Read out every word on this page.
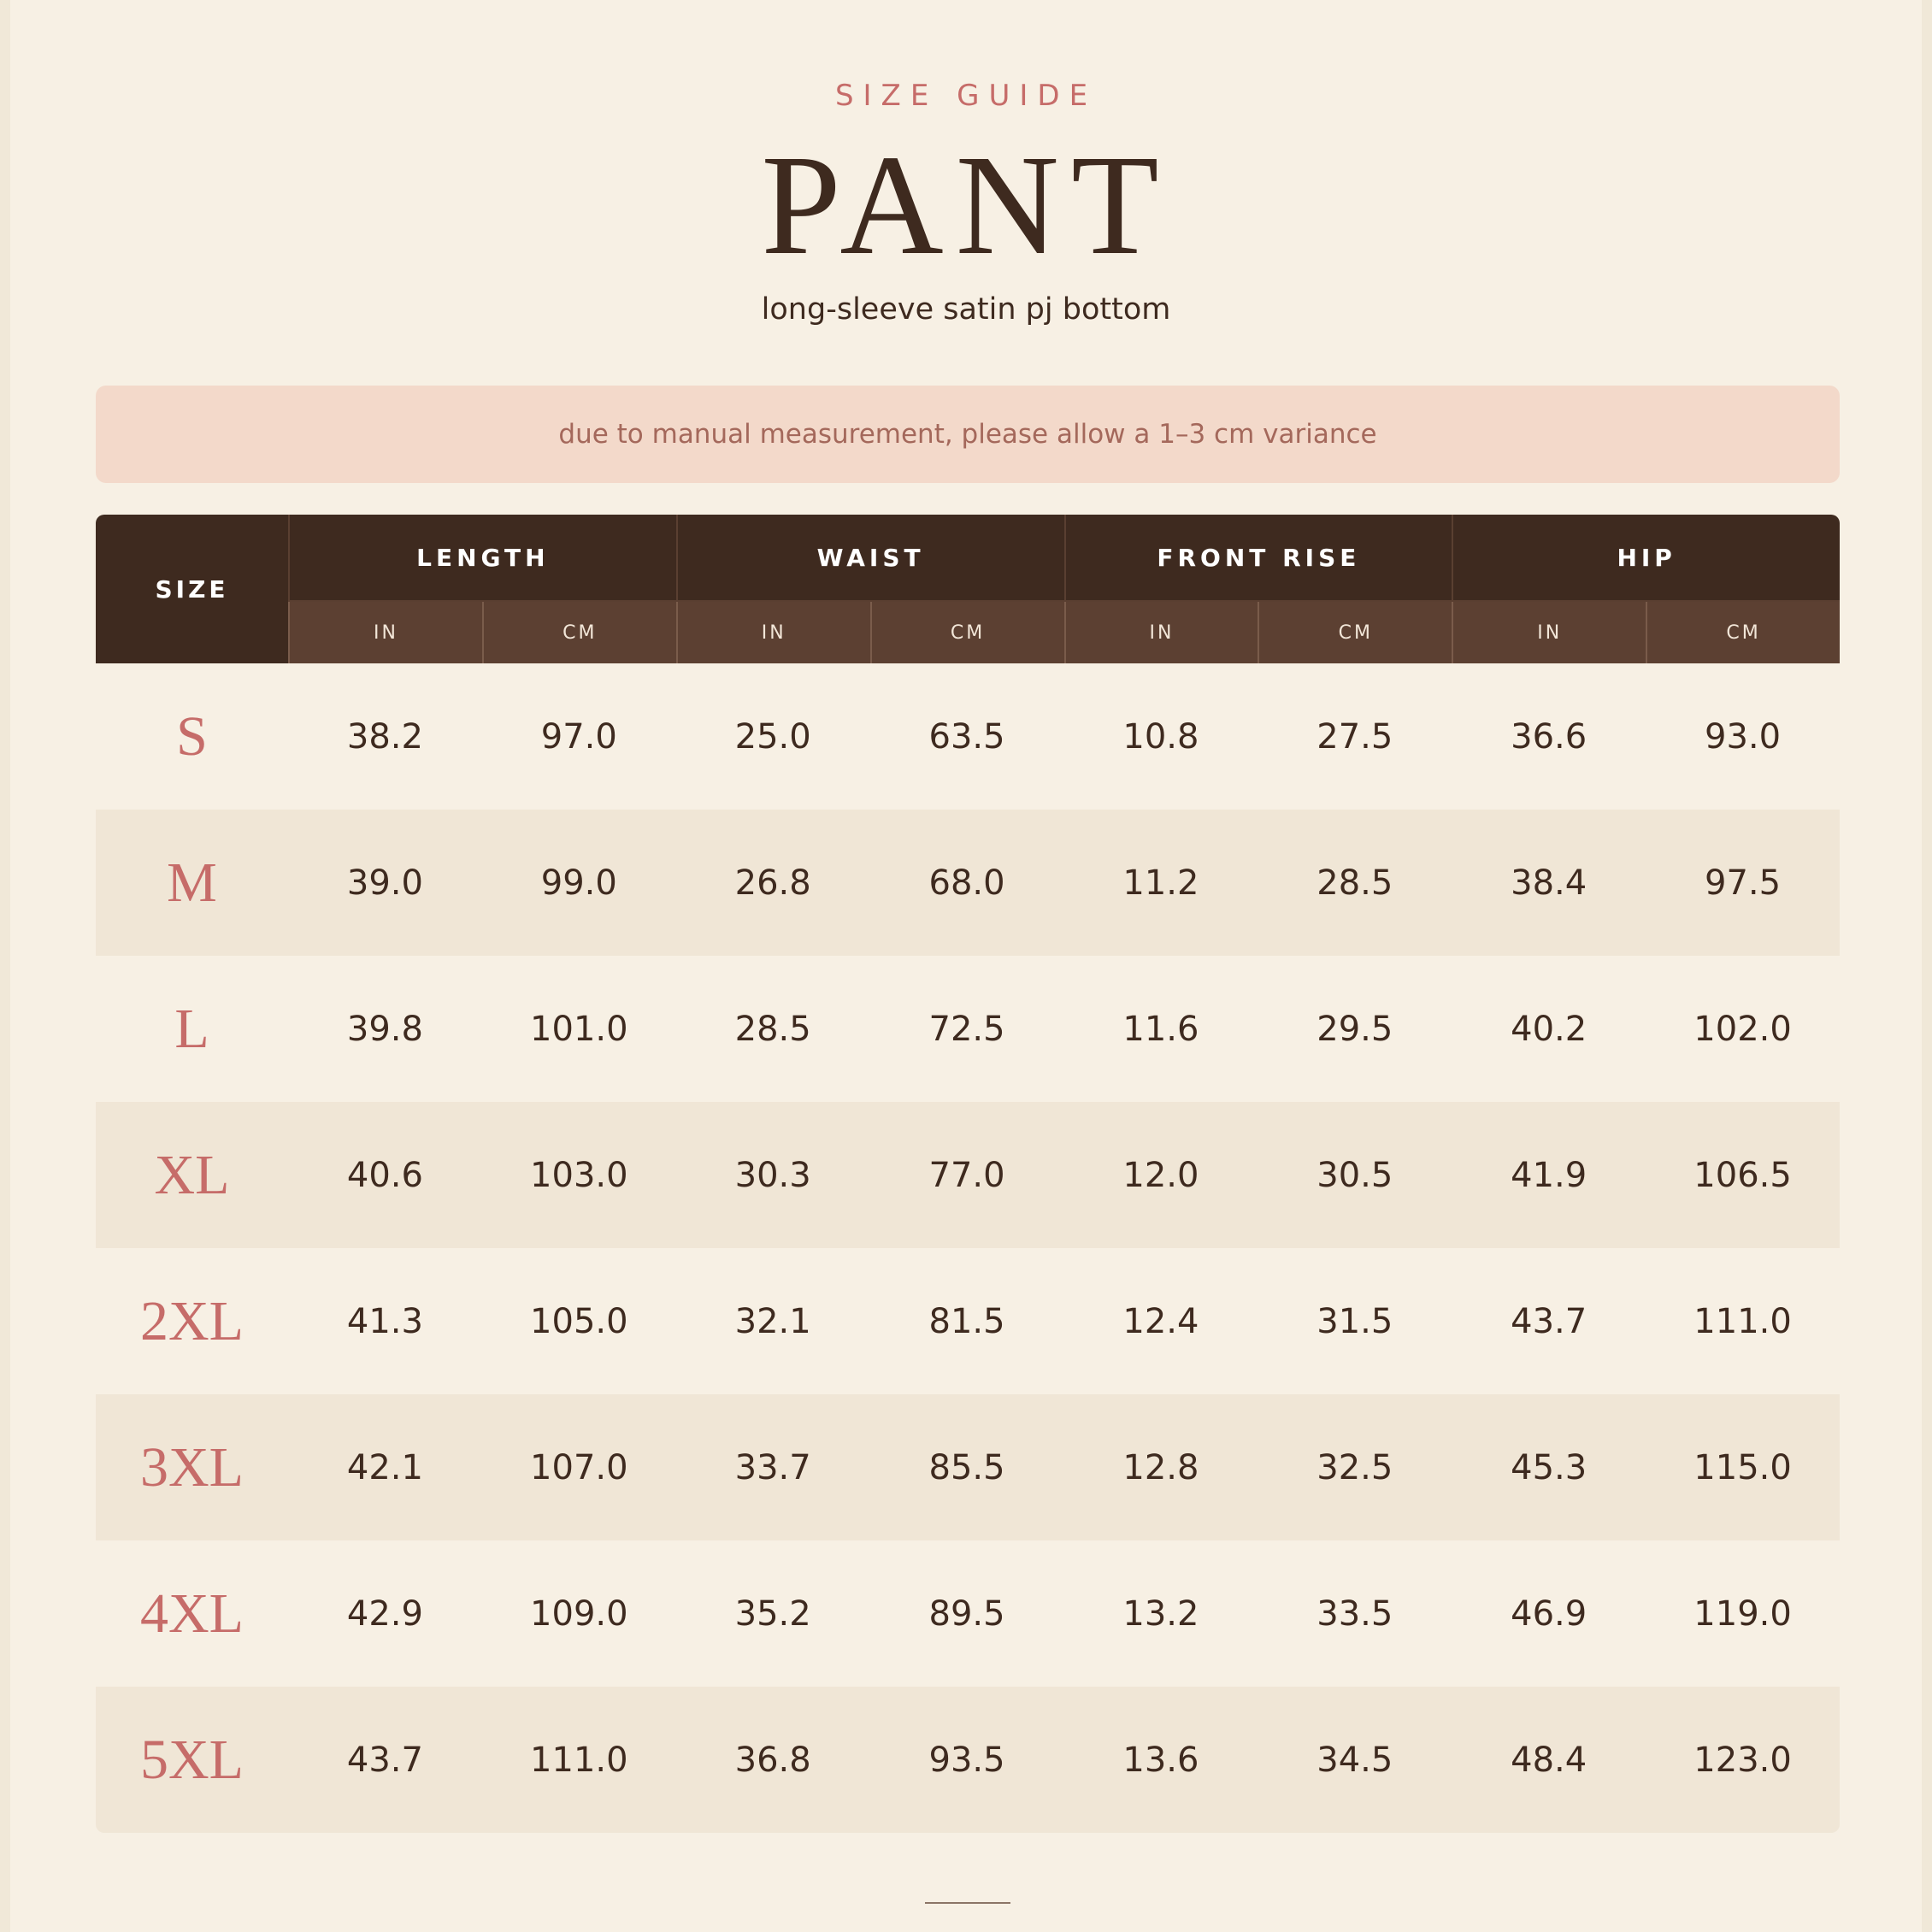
SIZE GUIDE
PANT
long-sleeve satin pj bottom
due to manual measurement, please allow a 1–3 cm variance
SIZE
LENGTH	WAIST	FRONT RISE	HIP
IN	CM	IN	CM	IN	CM	IN	CM
S	38.2	97.0	25.0	63.5	10.8	27.5	36.6	93.0
M	39.0	99.0	26.8	68.0	11.2	28.5	38.4	97.5
L	39.8	101.0	28.5	72.5	11.6	29.5	40.2	102.0
XL	40.6	103.0	30.3	77.0	12.0	30.5	41.9	106.5
2XL	41.3	105.0	32.1	81.5	12.4	31.5	43.7	111.0
3XL	42.1	107.0	33.7	85.5	12.8	32.5	45.3	115.0
4XL	42.9	109.0	35.2	89.5	13.2	33.5	46.9	119.0
5XL	43.7	111.0	36.8	93.5	13.6	34.5	48.4	123.0
